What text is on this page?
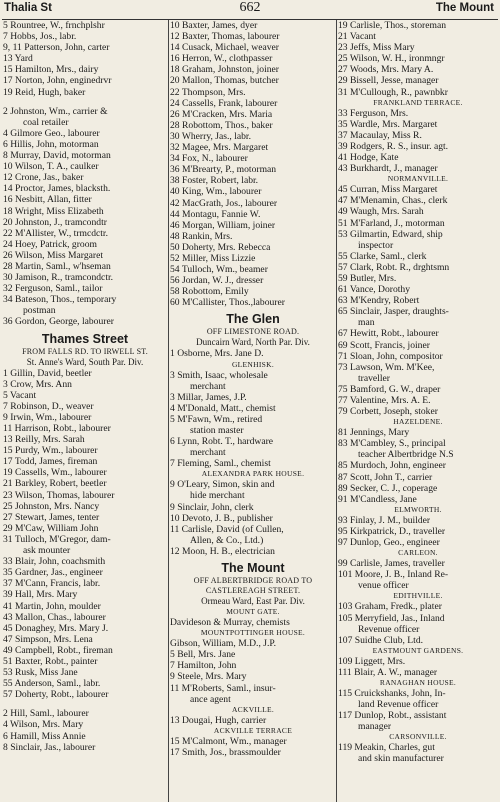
Thalia St	662	The Mount
5 Rountree, W., frnchplshr
7 Hobbs, Jos., labr.
9, 11 Patterson, John, carter
13 Yard
15 Hamilton, Mrs., dairy
17 Norton, John, enginedrvr
19 Reid, Hugh, baker
2 Johnston, Wm., carrier &
coal retailer
4 Gilmore Geo., labourer
6 Hillis, John, motorman
8 Murray, David, motorman
10 Wilson, T. A., caulker
12 Crone, Jas., baker
14 Proctor, James, blacksth.
16 Nesbitt, Allan, fitter
18 Wright, Miss Elizabeth
20 Johnston, J., tramcondtr
22 M'Allister, W., trmcdctr.
24 Hoey, Patrick, groom
26 Wilson, Miss Margaret
28 Martin, Saml., w'hseman
30 Jamison, R., tramcondctr.
32 Ferguson, Saml., tailor
34 Bateson, Thos., temporary
postman
36 Gordon, George, labourer
Thames Street
FROM FALLS RD. TO IRWELL ST.
St. Anne's Ward, South Par. Div.
1 Gillin, David, beetler
3 Crow, Mrs. Ann
5 Vacant
7 Robinson, D., weaver
9 Irwin, Wm., labourer
11 Harrison, Robt., labourer
13 Reilly, Mrs. Sarah
15 Purdy, Wm., labourer
17 Todd, James, fireman
19 Cassells, Wm., labourer
21 Barkley, Robert, beetler
23 Wilson, Thomas, labourer
25 Johnston, Mrs. Nancy
27 Stewart, James, tenter
29 M'Caw, William John
31 Tulloch, M'Gregor, dam-
ask mounter
33 Blair, John, coachsmith
35 Gardner, Jas., engineer
37 M'Cann, Francis, labr.
39 Hall, Mrs. Mary
41 Martin, John, moulder
43 Mallon, Chas., labourer
45 Donaghey, Mrs. Mary J.
47 Simpson, Mrs. Lena
49 Campbell, Robt., fireman
51 Baxter, Robt., painter
53 Rusk, Miss Jane
55 Anderson, Saml., labr.
57 Doherty, Robt., labourer
2 Hill, Saml., labourer
4 Wilson, Mrs. Mary
6 Hamill, Miss Annie
8 Sinclair, Jas., labourer
10 Baxter, James, dyer
12 Baxter, Thomas, labourer
14 Cusack, Michael, weaver
16 Herron, W., clothpasser
18 Graham, Johnston, joiner
20 Mallon, Thomas, butcher
22 Thompson, Mrs.
24 Cassells, Frank, labourer
26 M'Cracken, Mrs. Maria
28 Robottom, Thos., baker
30 Wherry, Jas., labr.
32 Magee, Mrs. Margaret
34 Fox, N., labourer
36 M'Brearty, P., motorman
38 Foster, Robert, labr.
40 King, Wm., labourer
42 MacGrath, Jos., labourer
44 Montagu, Fannie W.
46 Morgan, William, joiner
48 Rankin, Mrs.
50 Doherty, Mrs. Rebecca
52 Miller, Miss Lizzie
54 Tulloch, Wm., beamer
56 Jordan, W. J., dresser
58 Robottom, Emily
60 M'Callister, Thos.,labourer
The Glen
OFF LIMESTONE ROAD.
Duncairn Ward, North Par. Div.
1 Osborne, Mrs. Jane D.
GLENHISK.
3 Smith, Isaac, wholesale
merchant
3 Millar, James, J.P.
4 M'Donald, Matt., chemist
5 M'Fawn, Wm., retired
station master
6 Lynn, Robt. T., hardware
merchant
7 Fleming, Saml., chemist
ALEXANDRA PARK HOUSE.
9 O'Leary, Simon, skin and
hide merchant
9 Sinclair, John, clerk
10 Devoto, J. B., publisher
11 Carlisle, David (of Cullen,
Allen, & Co., Ltd.)
12 Moon, H. B., electrician
The Mount
OFF ALBERTBRIDGE ROAD TO
CASTLEREAGH STREET.
Ormeau Ward, East Par. Div.
MOUNT GATE.
Davideson & Murray, chemists
MOUNTPOTTINGER HOUSE.
Gibson, William, M.D., J.P.
5 Bell, Mrs. Jane
7 Hamilton, John
9 Steele, Mrs. Mary
11 M'Roberts, Saml., insur-
ance agent
ACKVILLE.
13 Dougai, Hugh, carrier
ACKVILLE TERRACE
15 M'Calmont, Wm., manager
17 Smith, Jos., brassmoulder
19 Carlisle, Thos., storeman
21 Vacant
23 Jeffs, Miss Mary
25 Wilson, W. H., ironmngr
27 Woods, Mrs. Mary A.
29 Bissell, Jesse, manager
31 M'Cullough, R., pawnbkr
FRANKLAND TERRACE.
33 Ferguson, Mrs.
35 Wardle, Mrs. Margaret
37 Macaulay, Miss R.
39 Rodgers, R. S., insur. agt.
41 Hodge, Kate
43 Burkhardt, J., manager
NORMANVILLE.
45 Curran, Miss Margaret
47 M'Menamin, Chas., clerk
49 Waugh, Mrs. Sarah
51 M'Farland, J., motorman
53 Gilmartin, Edward, ship
inspector
55 Clarke, Saml., clerk
57 Clark, Robt. R., drghtsmn
59 Butler, Mrs.
61 Vance, Dorothy
63 M'Kendry, Robert
65 Sinclair, Jasper, draughts-
man
67 Hewitt, Robt., labourer
69 Scott, Francis, joiner
71 Sloan, John, compositor
73 Lawson, Wm. M'Kee,
traveller
75 Bamford, G. W., draper
77 Valentine, Mrs. A. E.
79 Corbett, Joseph, stoker
HAZELDENE.
81 Jennings, Mary
83 M'Cambley, S., principal
teacher Albertbridge N.S
85 Murdoch, John, engineer
87 Scott, John T., carrier
89 Secker, C. J., coperage
91 M'Candless, Jane
ELMWORTH.
93 Finlay, J. M., builder
95 Kirkpatrick, D., traveller
97 Dunlop, Geo., engineer
CARLEON.
99 Carlisle, James, traveller
101 Moore, J. B., Inland Re-
venue officer
EDITHVILLE.
103 Graham, Fredk., plater
105 Merryfield, Jas., Inland
Revenue officer
107 Suidhe Club, Ltd.
EASTMOUNT GARDENS.
109 Liggett, Mrs.
111 Blair, A. W., manager
RANAGHAN HOUSE.
115 Cruickshanks, John, In-
land Revenue officer
117 Dunlop, Robt., assistant
manager
CARSONVILLE.
119 Meakin, Charles, gut
and skin manufacturer
